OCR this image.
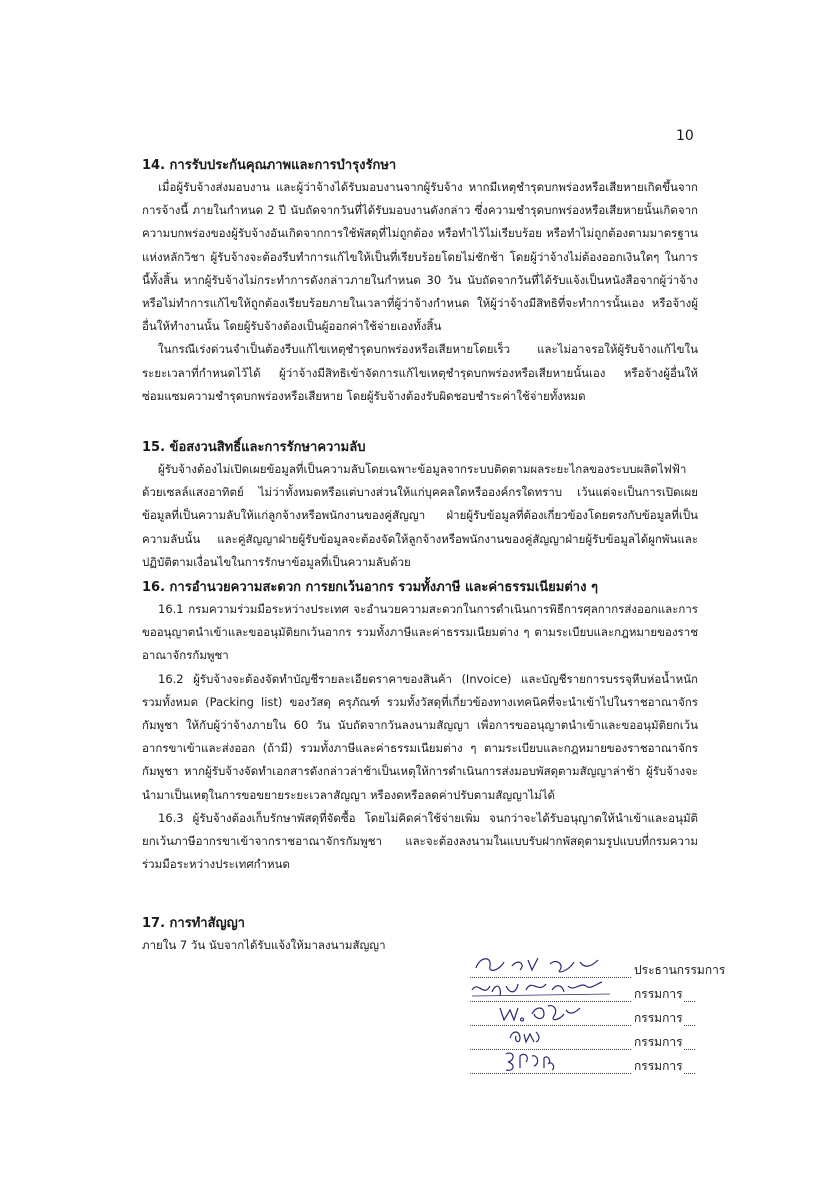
10
14. การรับประกันคุณภาพและการบำรุงรักษา

เมื่อผู้รับจ้างส่งมอบงาน และผู้ว่าจ้างได้รับมอบงานจากผู้รับจ้าง หากมีเหตุชำรุดบกพร่องหรือเสียหายเกิดขึ้นจากการจ้างนี้ ภายในกำหนด 2 ปี นับถัดจากวันที่ได้รับมอบงานดังกล่าว ซึ่งความชำรุดบกพร่องหรือเสียหายนั้นเกิดจากความบกพร่องของผู้รับจ้างอันเกิดจากการใช้พัสดุที่ไม่ถูกต้อง หรือทำไว้ไม่เรียบร้อย หรือทำไม่ถูกต้องตามมาตรฐานแห่งหลักวิชา ผู้รับจ้างจะต้องรีบทำการแก้ไขให้เป็นที่เรียบร้อยโดยไม่ชักช้า โดยผู้ว่าจ้างไม่ต้องออกเงินใดๆ ในการนี้ทั้งสิ้น หากผู้รับจ้างไม่กระทำการดังกล่าวภายในกำหนด 30 วัน นับถัดจากวันที่ได้รับแจ้งเป็นหนังสือจากผู้ว่าจ้างหรือไม่ทำการแก้ไขให้ถูกต้องเรียบร้อยภายในเวลาที่ผู้ว่าจ้างกำหนด ให้ผู้ว่าจ้างมีสิทธิที่จะทำการนั้นเอง หรือจ้างผู้อื่นให้ทำงานนั้น โดยผู้รับจ้างต้องเป็นผู้ออกค่าใช้จ่ายเองทั้งสิ้น

ในกรณีเร่งด่วนจำเป็นต้องรีบแก้ไขเหตุชำรุดบกพร่องหรือเสียหายโดยเร็ว และไม่อาจรอให้ผู้รับจ้างแก้ไขในระยะเวลาที่กำหนดไว้ได้ ผู้ว่าจ้างมีสิทธิเข้าจัดการแก้ไขเหตุชำรุดบกพร่องหรือเสียหายนั้นเอง หรือจ้างผู้อื่นให้ซ่อมแซมความชำรุดบกพร่องหรือเสียหาย โดยผู้รับจ้างต้องรับผิดชอบชำระค่าใช้จ่ายทั้งหมด

15. ข้อสงวนสิทธิ์และการรักษาความลับ

ผู้รับจ้างต้องไม่เปิดเผยข้อมูลที่เป็นความลับโดยเฉพาะข้อมูลจากระบบติดตามผลระยะไกลของระบบผลิตไฟฟ้าด้วยเซลล์แสงอาทิตย์ ไม่ว่าทั้งหมดหรือแต่บางส่วนให้แก่บุคคลใดหรือองค์กรใดทราบ เว้นแต่จะเป็นการเปิดเผยข้อมูลที่เป็นความลับให้แก่ลูกจ้างหรือพนักงานของคู่สัญญา ฝ่ายผู้รับข้อมูลที่ต้องเกี่ยวข้องโดยตรงกับข้อมูลที่เป็นความลับนั้น และคู่สัญญาฝ่ายผู้รับข้อมูลจะต้องจัดให้ลูกจ้างหรือพนักงานของคู่สัญญาฝ่ายผู้รับข้อมูลได้ผูกพันและปฏิบัติตามเงื่อนไขในการรักษาข้อมูลที่เป็นความลับด้วย

16. การอำนวยความสะดวก การยกเว้นอากร รวมทั้งภาษี และค่าธรรมเนียมต่าง ๆ

16.1 กรมความร่วมมือระหว่างประเทศ จะอำนวยความสะดวกในการดำเนินการพิธีการศุลกากรส่งออกและการขออนุญาตนำเข้าและขออนุมัติยกเว้นอากร รวมทั้งภาษีและค่าธรรมเนียมต่าง ๆ ตามระเบียบและกฎหมายของราชอาณาจักรกัมพูชา

16.2 ผู้รับจ้างจะต้องจัดทำบัญชีรายละเอียดราคาของสินค้า (Invoice) และบัญชีรายการบรรจุหีบห่อน้ำหนักรวมทั้งหมด (Packing list) ของวัสดุ ครุภัณฑ์ รวมทั้งวัสดุที่เกี่ยวข้องทางเทคนิคที่จะนำเข้าไปในราชอาณาจักรกัมพูชา ให้กับผู้ว่าจ้างภายใน 60 วัน นับถัดจากวันลงนามสัญญา เพื่อการขออนุญาตนำเข้าและขออนุมัติยกเว้นอากรขาเข้าและส่งออก (ถ้ามี) รวมทั้งภาษีและค่าธรรมเนียมต่าง ๆ ตามระเบียบและกฎหมายของราชอาณาจักรกัมพูชา หากผู้รับจ้างจัดทำเอกสารดังกล่าวล่าช้าเป็นเหตุให้การดำเนินการส่งมอบพัสดุตามสัญญาล่าช้า ผู้รับจ้างจะนำมาเป็นเหตุในการขอขยายระยะเวลาสัญญา หรืองดหรือลดค่าปรับตามสัญญาไม่ได้

16.3 ผู้รับจ้างต้องเก็บรักษาพัสดุที่จัดซื้อ โดยไม่คิดค่าใช้จ่ายเพิ่ม จนกว่าจะได้รับอนุญาตให้นำเข้าและอนุมัติยกเว้นภาษีอากรขาเข้าจากราชอาณาจักรกัมพูชา และจะต้องลงนามในแบบรับฝากพัสดุตามรูปแบบที่กรมความร่วมมือระหว่างประเทศกำหนด

17. การทำสัญญา

ภายใน 7 วัน นับจากได้รับแจ้งให้มาลงนามสัญญา

ประธานกรรมการ
กรรมการ
กรรมการ
กรรมการ
กรรมการ
